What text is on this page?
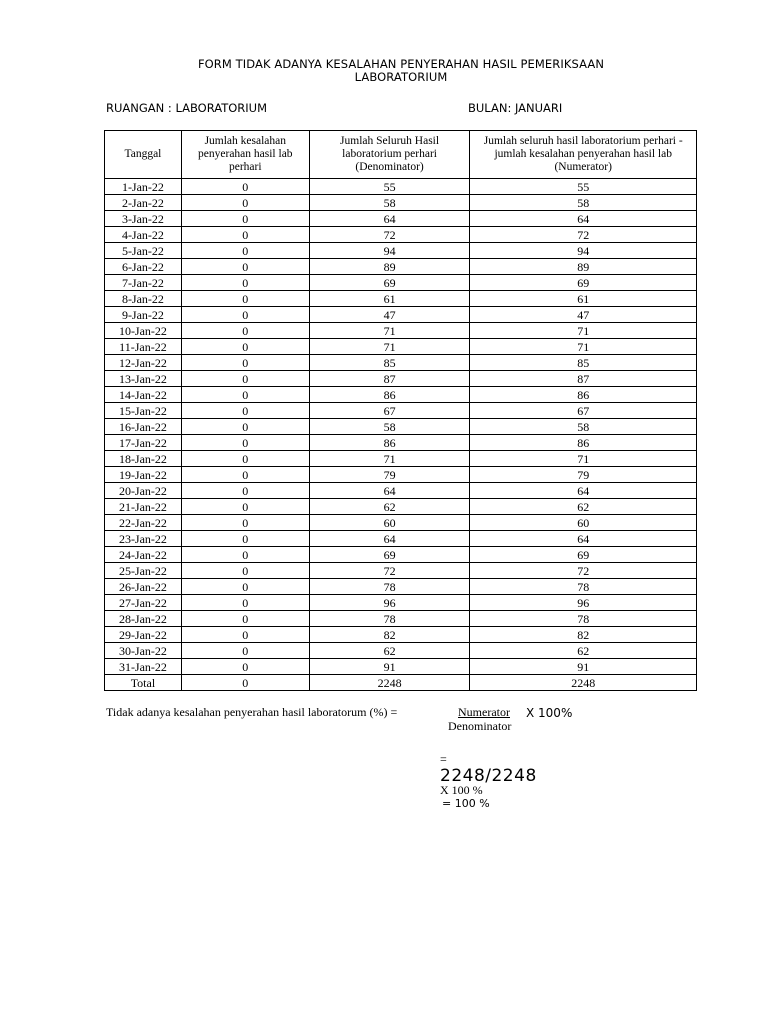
FORM TIDAK ADANYA KESALAHAN PENYERAHAN HASIL PEMERIKSAAN
LABORATORIUM
RUANGAN : LABORATORIUM	BULAN: JANUARI
Tanggal	Jumlah kesalahan penyerahan hasil lab perhari	Jumlah Seluruh Hasil laboratorium perhari (Denominator)	Jumlah seluruh hasil laboratorium perhari - jumlah kesalahan penyerahan hasil lab (Numerator)
1-Jan-22	0	55	55
2-Jan-22	0	58	58
3-Jan-22	0	64	64
4-Jan-22	0	72	72
5-Jan-22	0	94	94
6-Jan-22	0	89	89
7-Jan-22	0	69	69
8-Jan-22	0	61	61
9-Jan-22	0	47	47
10-Jan-22	0	71	71
11-Jan-22	0	71	71
12-Jan-22	0	85	85
13-Jan-22	0	87	87
14-Jan-22	0	86	86
15-Jan-22	0	67	67
16-Jan-22	0	58	58
17-Jan-22	0	86	86
18-Jan-22	0	71	71
19-Jan-22	0	79	79
20-Jan-22	0	64	64
21-Jan-22	0	62	62
22-Jan-22	0	60	60
23-Jan-22	0	64	64
24-Jan-22	0	69	69
25-Jan-22	0	72	72
26-Jan-22	0	78	78
27-Jan-22	0	96	96
28-Jan-22	0	78	78
29-Jan-22	0	82	82
30-Jan-22	0	62	62
31-Jan-22	0	91	91
Total	0	2248	2248
Tidak adanya kesalahan penyerahan hasil laboratorum (%) =	Numerator X 100%
Denominator
=
2248/2248
X 100 %
= 100 %
